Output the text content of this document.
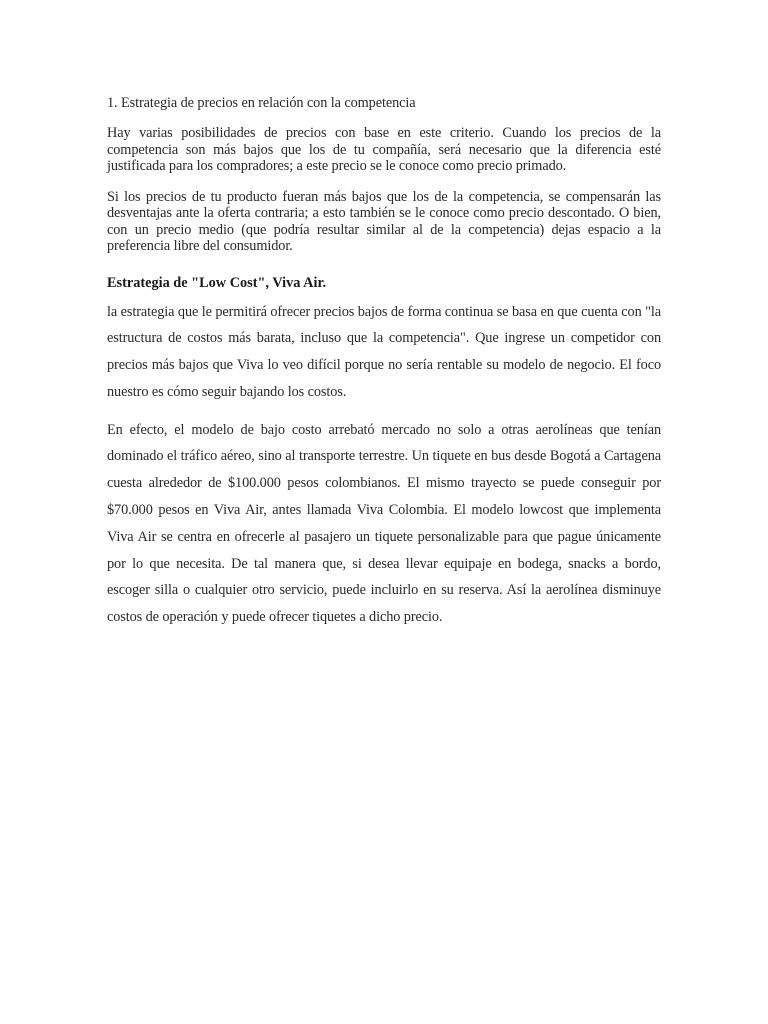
1. Estrategia de precios en relación con la competencia

Hay varias posibilidades de precios con base en este criterio. Cuando los precios de la competencia son más bajos que los de tu compañía, será necesario que la diferencia esté justificada para los compradores; a este precio se le conoce como precio primado.

Si los precios de tu producto fueran más bajos que los de la competencia, se compensarán las desventajas ante la oferta contraria; a esto también se le conoce como precio descontado. O bien, con un precio medio (que podría resultar similar al de la competencia) dejas espacio a la preferencia libre del consumidor.

Estrategia de "Low Cost", Viva Air.

la estrategia que le permitirá ofrecer precios bajos de forma continua se basa en que cuenta con "la estructura de costos más barata, incluso que la competencia". Que ingrese un competidor con precios más bajos que Viva lo veo difícil porque no sería rentable su modelo de negocio. El foco nuestro es cómo seguir bajando los costos.

En efecto, el modelo de bajo costo arrebató mercado no solo a otras aerolíneas que tenían dominado el tráfico aéreo, sino al transporte terrestre. Un tiquete en bus desde Bogotá a Cartagena cuesta alrededor de $100.000 pesos colombianos. El mismo trayecto se puede conseguir por $70.000 pesos en Viva Air, antes llamada Viva Colombia. El modelo lowcost que implementa Viva Air se centra en ofrecerle al pasajero un tiquete personalizable para que pague únicamente por lo que necesita. De tal manera que, si desea llevar equipaje en bodega, snacks a bordo, escoger silla o cualquier otro servicio, puede incluirlo en su reserva. Así la aerolínea disminuye costos de operación y puede ofrecer tiquetes a dicho precio.
